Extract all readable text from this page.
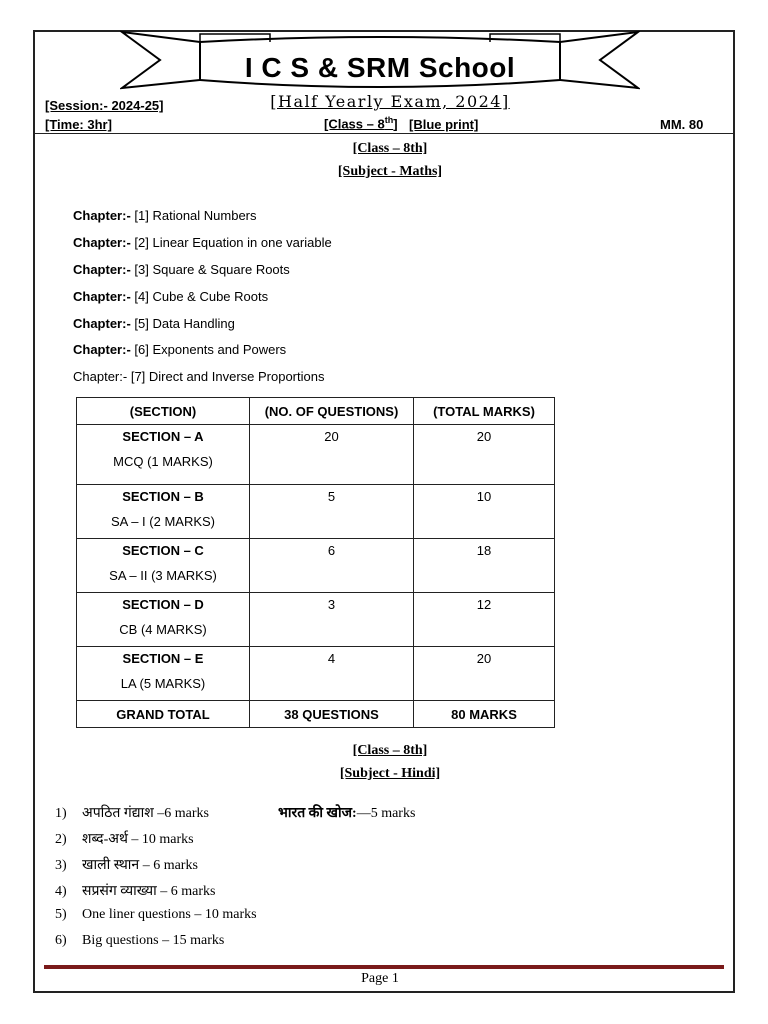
I C S & SRM School
[Half Yearly Exam, 2024]
[Session:- 2024-25]
[Time: 3hr]	[Class – 8th] [Blue print]	MM. 80
[Class – 8th]
[Subject - Maths]
Chapter:- [1] Rational Numbers
Chapter:- [2] Linear Equation in one variable
Chapter:- [3] Square & Square Roots
Chapter:- [4] Cube & Cube Roots
Chapter:- [5] Data Handling
Chapter:- [6] Exponents and Powers
Chapter:- [7] Direct and Inverse Proportions
(SECTION)	(NO. OF QUESTIONS)	(TOTAL MARKS)

SECTION – A
MCQ (1 MARKS)	20	20

SECTION – B
SA – I (2 MARKS)	5	10

SECTION – C
SA – II (3 MARKS)	6	18

SECTION – D
CB (4 MARKS)	3	12

SECTION – E
LA (5 MARKS)	4	20

GRAND TOTAL	38 QUESTIONS	80 MARKS
[Class – 8th]
[Subject - Hindi]
1) अपठित गंद्याश –6 marks
2) शब्द-अर्थ – 10 marks
3) खाली स्थान – 6 marks
4) सप्रसंग व्याख्या – 6 marks
5) One liner questions – 10 marks
6) Big questions – 15 marks
भारत की खोज:—5 marks
Page 1
